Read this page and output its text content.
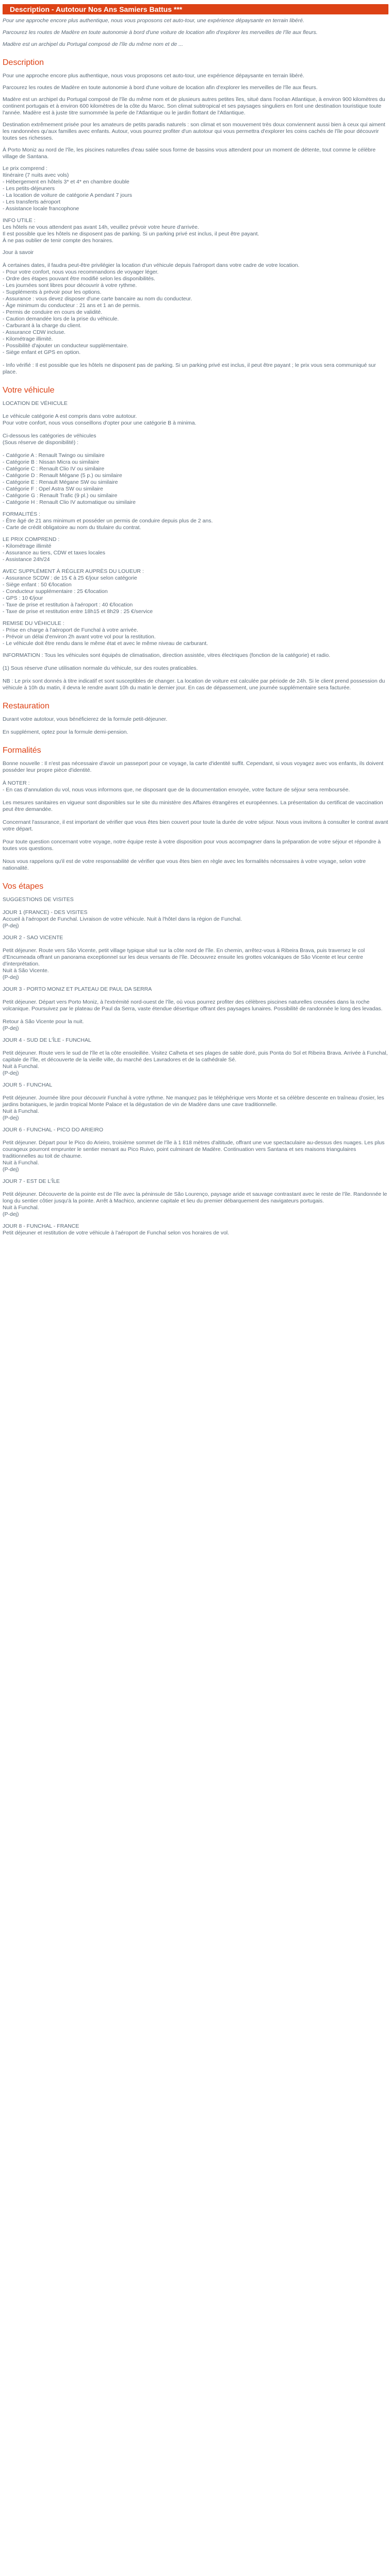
Description - Autotour Nos Ans Samiers Battus ***

Pour une approche encore plus authentique, nous vous proposons cet auto-tour, une expérience dépaysante en terrain libéré.

Parcourez les routes de Madère en toute autonomie à bord d'une voiture de location afin d'explorer les merveilles de l'île aux fleurs.

Madère est un archipel du Portugal composé de l'île du même nom et de ...

Description

Pour une approche encore plus authentique, nous vous proposons cet auto-tour, une expérience dépaysante en terrain libéré.

Parcourez les routes de Madère en toute autonomie à bord d'une voiture de location afin d'explorer les merveilles de l'île aux fleurs.

Madère est un archipel du Portugal composé de l'île du même nom et de plusieurs autres petites îles, situé dans l'océan Atlantique, à environ 900 kilomètres du continent portugais et à environ 600 kilomètres de la côte du Maroc. Son climat subtropical et ses paysages singuliers en font une destination touristique toute l'année. Madère est à juste titre surnommée la perle de l'Atlantique ou le jardin flottant de l'Atlantique.

Destination extrêmement prisée pour les amateurs de petits paradis naturels : son climat et son mouvement très doux conviennent aussi bien à ceux qui aiment les randonnées qu'aux familles avec enfants. Autour, vous pourrez profiter d'un autotour qui vous permettra d'explorer les coins cachés de l'île pour découvrir toutes ses richesses.

À Porto Moniz au nord de l'île, les piscines naturelles d'eau salée sous forme de bassins vous attendent pour un moment de détente, tout comme le célèbre village de Santana.

Le prix comprend :

Itinéraire (7 nuits avec vols)

- Hébergement en hôtels 3* et 4* en chambre double

- Les petits-déjeuners

- La location de voiture de catégorie A pendant 7 jours

- Les transferts aéroport

- Assistance locale francophone

INFO UTILE :

Les hôtels ne vous attendent pas avant 14h, veuillez prévoir votre heure d'arrivée.

Il est possible que les hôtels ne disposent pas de parking. Si un parking privé est inclus, il peut être payant.

À ne pas oublier de tenir compte des horaires.

Jour à savoir

À certaines dates, il faudra peut-être privilégier la location d'un véhicule depuis l'aéroport dans votre cadre de votre location.

- Pour votre confort, nous vous recommandons de voyager léger.

- Ordre des étapes pouvant être modifié selon les disponibilités.

- Les journées sont libres pour découvrir à votre rythme.

- Suppléments à prévoir pour les options.

- Assurance : vous devez disposer d'une carte bancaire au nom du conducteur.

- Âge minimum du conducteur : 21 ans et 1 an de permis.

- Permis de conduire en cours de validité.

- Caution demandée lors de la prise du véhicule.

- Carburant à la charge du client.

- Assurance CDW incluse.

- Kilométrage illimité.

- Possibilité d'ajouter un conducteur supplémentaire.

- Siège enfant et GPS en option.

- Info vérifié : Il est possible que les hôtels ne disposent pas de parking. Si un parking privé est inclus, il peut être payant ; le prix vous sera communiqué sur place.

Votre véhicule

LOCATION DE VÉHICULE

Le véhicule catégorie A est compris dans votre autotour.

Pour votre confort, nous vous conseillons d'opter pour une catégorie B à minima.

Ci-dessous les catégories de véhicules

(Sous réserve de disponibilité) :

- Catégorie A : Renault Twingo ou similaire

- Catégorie B : Nissan Micra ou similaire

- Catégorie C : Renault Clio IV ou similaire

- Catégorie D : Renault Mégane (5 p.) ou similaire

- Catégorie E : Renault Mégane SW ou similaire

- Catégorie F : Opel Astra SW ou similaire

- Catégorie G : Renault Trafic (9 pl.) ou similaire

- Catégorie H : Renault Clio IV automatique ou similaire

FORMALITÉS :

- Être âgé de 21 ans minimum et posséder un permis de conduire depuis plus de 2 ans.

- Carte de crédit obligatoire au nom du titulaire du contrat.

LE PRIX COMPREND :

- Kilométrage illimité

- Assurance au tiers, CDW et taxes locales

- Assistance 24h/24

AVEC SUPPLÉMENT À RÉGLER AUPRÈS DU LOUEUR :

- Assurance SCDW : de 15 € à 25 €/jour selon catégorie

- Siège enfant : 50 €/location

- Conducteur supplémentaire : 25 €/location

- GPS : 10 €/jour

- Taxe de prise et restitution à l'aéroport : 40 €/location

- Taxe de prise et restitution entre 18h15 et 8h29 : 25 €/service

REMISE DU VÉHICULE :

- Prise en charge à l'aéroport de Funchal à votre arrivée.

- Prévoir un délai d'environ 2h avant votre vol pour la restitution.

- Le véhicule doit être rendu dans le même état et avec le même niveau de carburant.

INFORMATION : Tous les véhicules sont équipés de climatisation, direction assistée, vitres électriques (fonction de la catégorie) et radio.

(1) Sous réserve d'une utilisation normale du véhicule, sur des routes praticables.

NB : Le prix sont donnés à titre indicatif et sont susceptibles de changer. La location de voiture est calculée par période de 24h. Si le client prend possession du véhicule à 10h du matin, il devra le rendre avant 10h du matin le dernier jour. En cas de dépassement, une journée supplémentaire sera facturée.

Restauration

Durant votre autotour, vous bénéficierez de la formule petit-déjeuner.

En supplément, optez pour la formule demi-pension.

Formalités

Bonne nouvelle : Il n'est pas nécessaire d'avoir un passeport pour ce voyage, la carte d'identité suffit. Cependant, si vous voyagez avec vos enfants, ils doivent posséder leur propre pièce d'identité.

À NOTER :

- En cas d'annulation du vol, nous vous informons que, ne disposant que de la documentation envoyée, votre facture de séjour sera remboursée.

Les mesures sanitaires en vigueur sont disponibles sur le site du ministère des Affaires étrangères et européennes. La présentation du certificat de vaccination peut être demandée.

Concernant l'assurance, il est important de vérifier que vous êtes bien couvert pour toute la durée de votre séjour. Nous vous invitons à consulter le contrat avant votre départ.

Pour toute question concernant votre voyage, notre équipe reste à votre disposition pour vous accompagner dans la préparation de votre séjour et répondre à toutes vos questions.

Nous vous rappelons qu'il est de votre responsabilité de vérifier que vous êtes bien en règle avec les formalités nécessaires à votre voyage, selon votre nationalité.

Vos étapes

SUGGESTIONS DE VISITES

JOUR 1 (FRANCE) - DES VISITES

Accueil à l'aéroport de Funchal. Livraison de votre véhicule. Nuit à l'hôtel dans la région de Funchal.

(P-dej)

JOUR 2 - SAO VICENTE

Petit déjeuner. Route vers São Vicente, petit village typique situé sur la côte nord de l'île. En chemin, arrêtez-vous à Ribeira Brava, puis traversez le col d'Encumeada offrant un panorama exceptionnel sur les deux versants de l'île. Découvrez ensuite les grottes volcaniques de São Vicente et leur centre d'interprétation.

Nuit à São Vicente.

(P-dej)

JOUR 3 - PORTO MONIZ ET PLATEAU DE PAUL DA SERRA

Petit déjeuner. Départ vers Porto Moniz, à l'extrémité nord-ouest de l'île, où vous pourrez profiter des célèbres piscines naturelles creusées dans la roche volcanique. Poursuivez par le plateau de Paul da Serra, vaste étendue désertique offrant des paysages lunaires. Possibilité de randonnée le long des levadas.

Retour à São Vicente pour la nuit.

(P-dej)

JOUR 4 - SUD DE L'ÎLE - FUNCHAL

Petit déjeuner. Route vers le sud de l'île et la côte ensoleillée. Visitez Calheta et ses plages de sable doré, puis Ponta do Sol et Ribeira Brava. Arrivée à Funchal, capitale de l'île, et découverte de la vieille ville, du marché des Lavradores et de la cathédrale Sé.

Nuit à Funchal.

(P-dej)

JOUR 5 - FUNCHAL

Petit déjeuner. Journée libre pour découvrir Funchal à votre rythme. Ne manquez pas le téléphérique vers Monte et sa célèbre descente en traîneau d'osier, les jardins botaniques, le jardin tropical Monte Palace et la dégustation de vin de Madère dans une cave traditionnelle.

Nuit à Funchal.

(P-dej)

JOUR 6 - FUNCHAL - PICO DO ARIEIRO

Petit déjeuner. Départ pour le Pico do Arieiro, troisième sommet de l'île à 1 818 mètres d'altitude, offrant une vue spectaculaire au-dessus des nuages. Les plus courageux pourront emprunter le sentier menant au Pico Ruivo, point culminant de Madère. Continuation vers Santana et ses maisons triangulaires traditionnelles au toit de chaume.

Nuit à Funchal.

(P-dej)

JOUR 7 - EST DE L'ÎLE

Petit déjeuner. Découverte de la pointe est de l'île avec la péninsule de São Lourenço, paysage aride et sauvage contrastant avec le reste de l'île. Randonnée le long du sentier côtier jusqu'à la pointe. Arrêt à Machico, ancienne capitale et lieu du premier débarquement des navigateurs portugais.

Nuit à Funchal.

(P-dej)

JOUR 8 - FUNCHAL - FRANCE

Petit déjeuner et restitution de votre véhicule à l'aéroport de Funchal selon vos horaires de vol.
